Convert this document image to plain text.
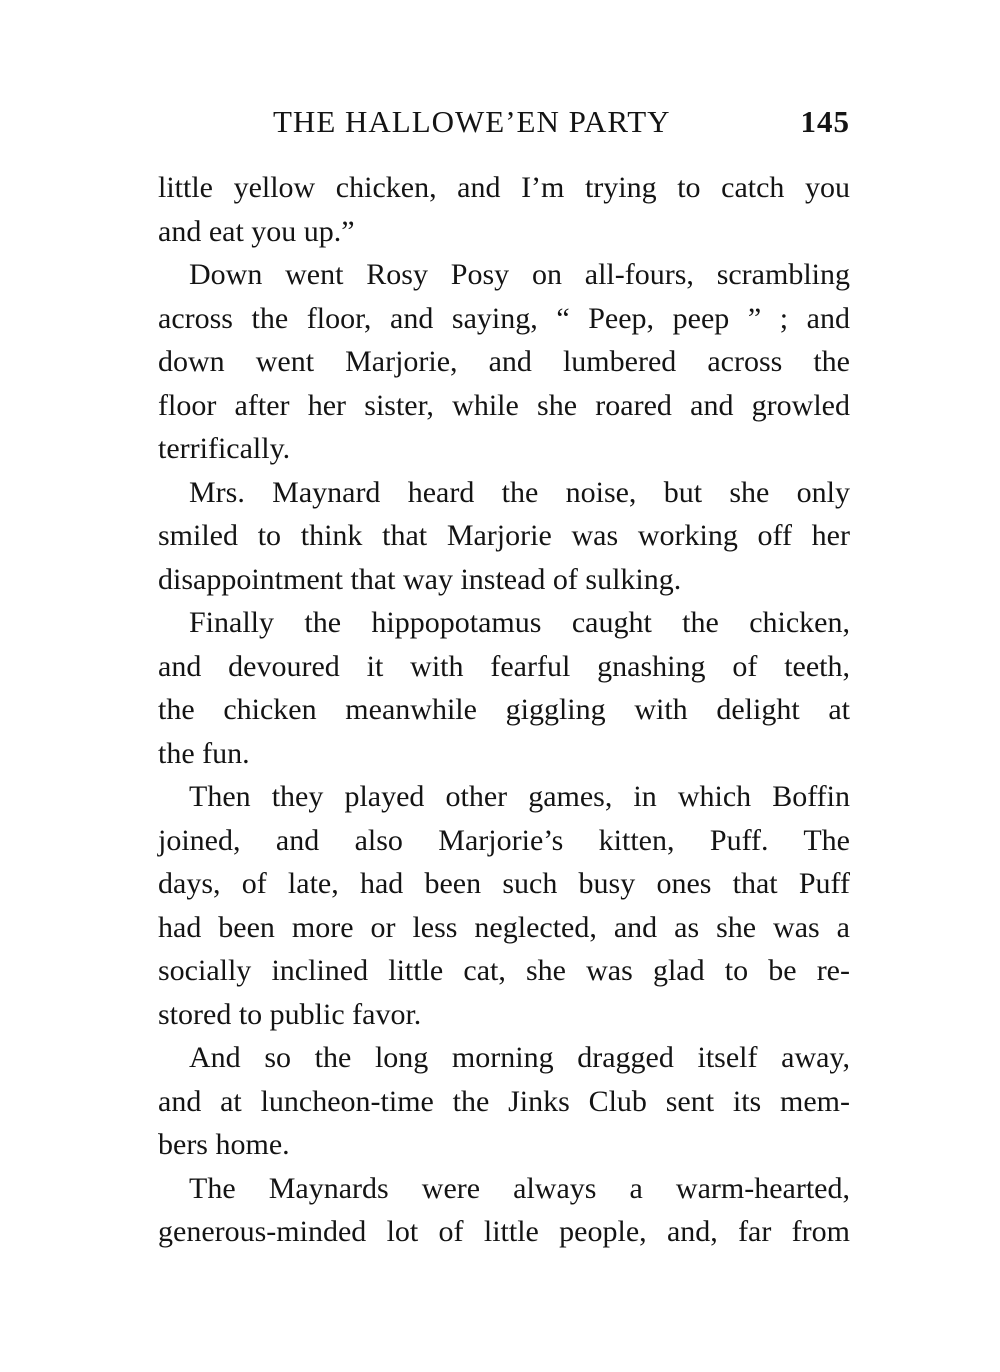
THE HALLOWE’EN PARTY	145
little yellow chicken, and I’m trying to catch you
and eat you up.”
Down went Rosy Posy on all-fours, scrambling
across the floor, and saying, “ Peep, peep ” ; and
down went Marjorie, and lumbered across the
floor after her sister, while she roared and growled
terrifically.
Mrs. Maynard heard the noise, but she only
smiled to think that Marjorie was working off her
disappointment that way instead of sulking.
Finally the hippopotamus caught the chicken,
and devoured it with fearful gnashing of teeth,
the chicken meanwhile giggling with delight at
the fun.
Then they played other games, in which Boffin
joined, and also Marjorie’s kitten, Puff. The
days, of late, had been such busy ones that Puff
had been more or less neglected, and as she was a
socially inclined little cat, she was glad to be re-
stored to public favor.
And so the long morning dragged itself away,
and at luncheon-time the Jinks Club sent its mem-
bers home.
The Maynards were always a warm-hearted,
generous-minded lot of little people, and, far from
